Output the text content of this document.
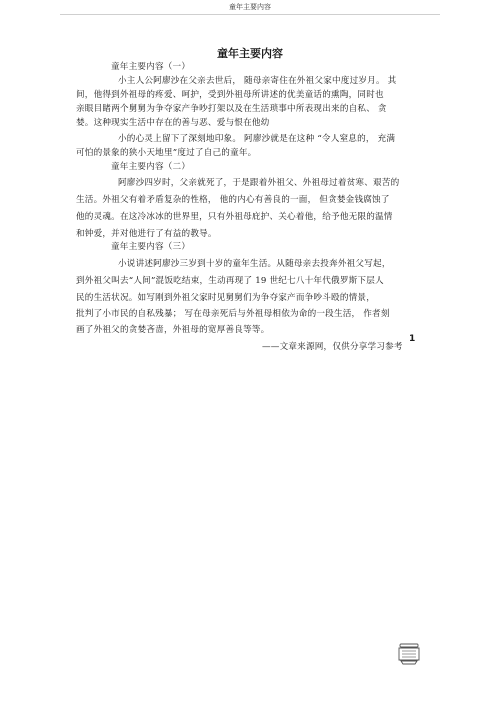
童年主要内容
童年主要内容
童年主要内容（一）
小主人公阿廖沙在父亲去世后， 随母亲寄住在外祖父家中度过岁月。 其
间，他得到外祖母的疼爱、呵护，受到外祖母所讲述的优美童话的熏陶，同时也
亲眼目睹两个舅舅为争夺家产争吵打架以及在生活琐事中所表现出来的自私、 贪
婪。这种现实生活中存在的善与恶、爱与恨在他幼
小的心灵上留下了深刻地印象。 阿廖沙就是在这种 “令人窒息的， 充满
可怕的景象的狭小天地里”度过了自己的童年。
童年主要内容（二）
阿廖沙四岁时，父亲就死了，于是跟着外祖父、外祖母过着贫寒、艰苦的
生活。外祖父有着矛盾复杂的性格， 他的内心有善良的一面， 但贪婪金钱腐蚀了
他的灵魂。在这冷冰冰的世界里，只有外祖母庇护、关心着他，给予他无限的温情
和钟爱，并对他进行了有益的教导。
童年主要内容（三）
小说讲述阿廖沙三岁到十岁的童年生活。从随母亲去投奔外祖父写起，
到外祖父叫去“人间”混饭吃结束，生动再现了 19 世纪七八十年代俄罗斯下层人
民的生活状况。如写刚到外祖父家时见舅舅们为争夺家产而争吵斗殴的情景，
批判了小市民的自私残暴； 写在母亲死后与外祖母相依为命的一段生活， 作者刻
画了外祖父的贪婪吝啬，外祖母的宽厚善良等等。
——文章来源网，仅供分享学习参考
1
